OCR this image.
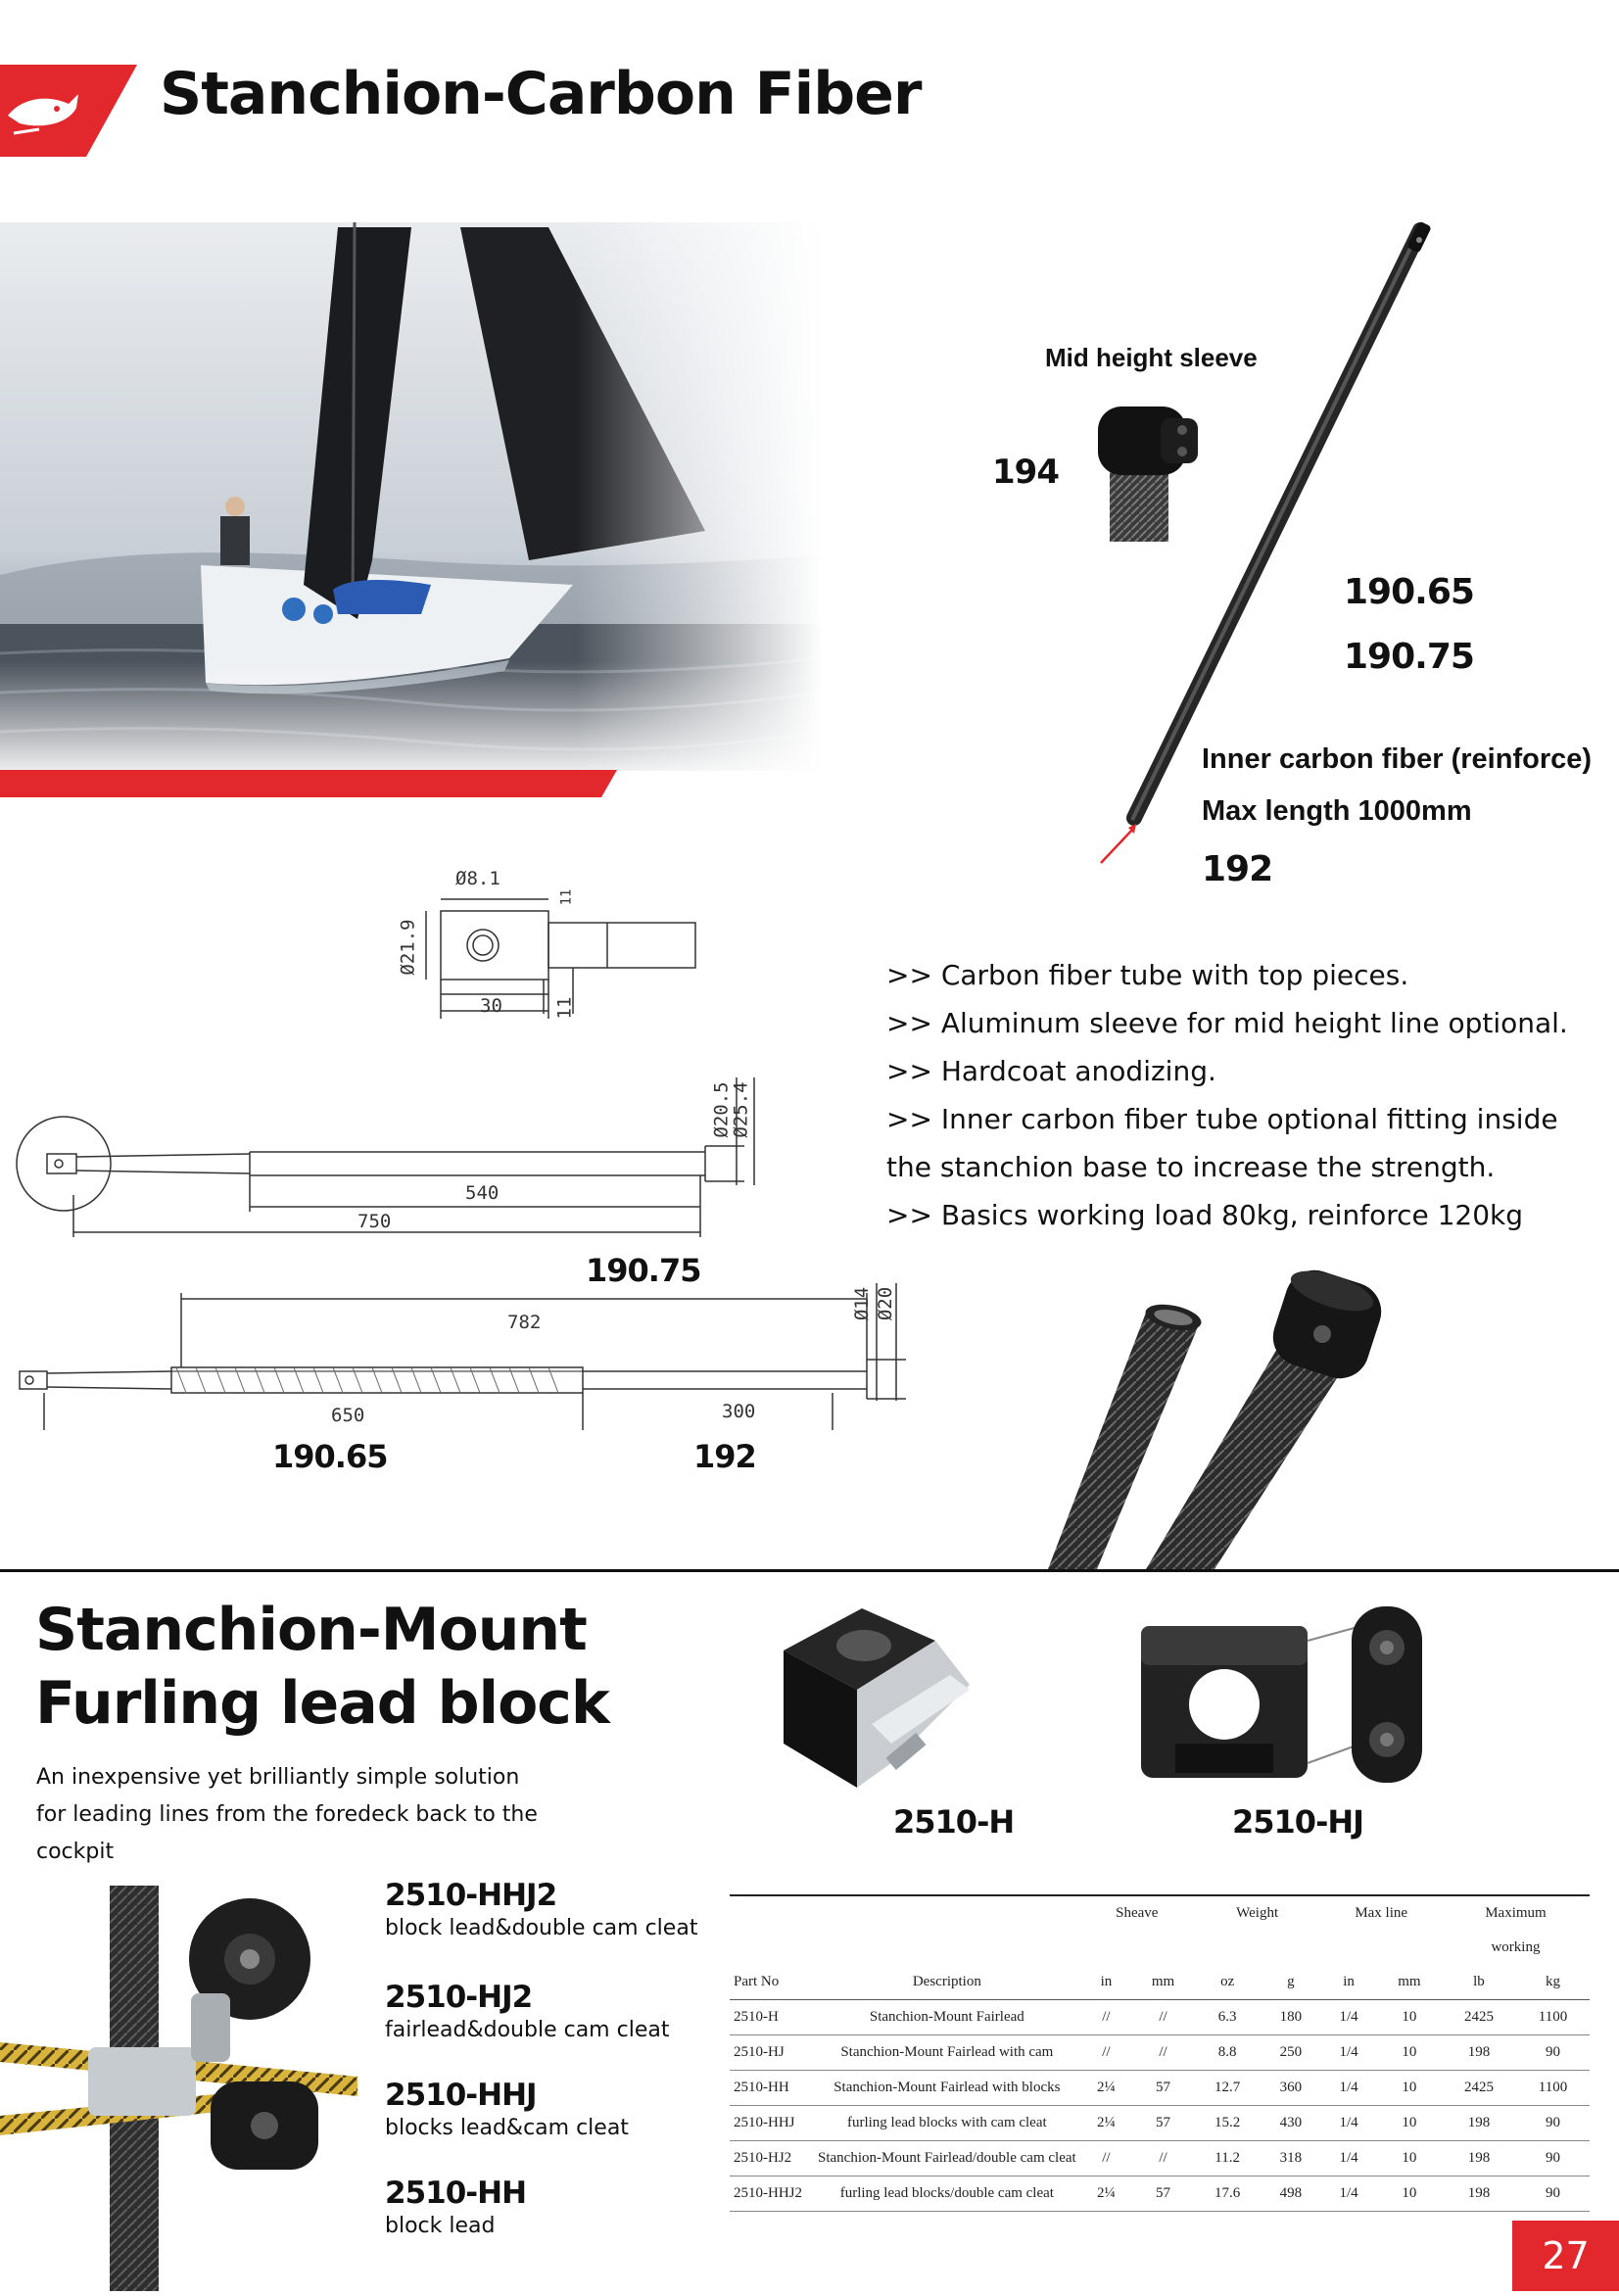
Stanchion-Carbon Fiber
Mid height sleeve
194
190.65
190.75
Inner carbon fiber (reinforce)
Max length 1000mm
192
Ø8.1
11
Ø21.9
30	11
Ø20.5
Ø25.4
540
750
190.75
782
Ø14 Ø20
650	300
190.65	192
>> Carbon fiber tube with top pieces.
>> Aluminum sleeve for mid height line optional.
>> Hardcoat anodizing.
>> Inner carbon fiber tube optional fitting inside the stanchion base to increase the strength.
>> Basics working load 80kg, reinforce 120kg
Stanchion-Mount
Furling lead block
An inexpensive yet brilliantly simple solution
for leading lines from the foredeck back to the
cockpit
2510-H	2510-HJ
2510-HHJ2
block lead&double cam cleat
2510-HJ2
fairlead&double cam cleat
2510-HHJ
blocks lead&cam cleat
2510-HH
block lead
		Sheave		Weight		Max line		Maximum	
								working	
Part No	Description	in	mm	oz	g	in	mm	lb	kg
2510-H	Stanchion-Mount Fairlead	//	//	6.3	180	1/4	10	2425	1100
2510-HJ	Stanchion-Mount Fairlead with cam	//	//	8.8	250	1/4	10	198	90
2510-HH	Stanchion-Mount Fairlead with blocks	2¼	57	12.7	360	1/4	10	2425	1100
2510-HHJ	furling lead blocks with cam cleat	2¼	57	15.2	430	1/4	10	198	90
2510-HJ2	Stanchion-Mount Fairlead/double cam cleat	//	//	11.2	318	1/4	10	198	90
2510-HHJ2	furling lead blocks/double cam cleat	2¼	57	17.6	498	1/4	10	198	90
27
